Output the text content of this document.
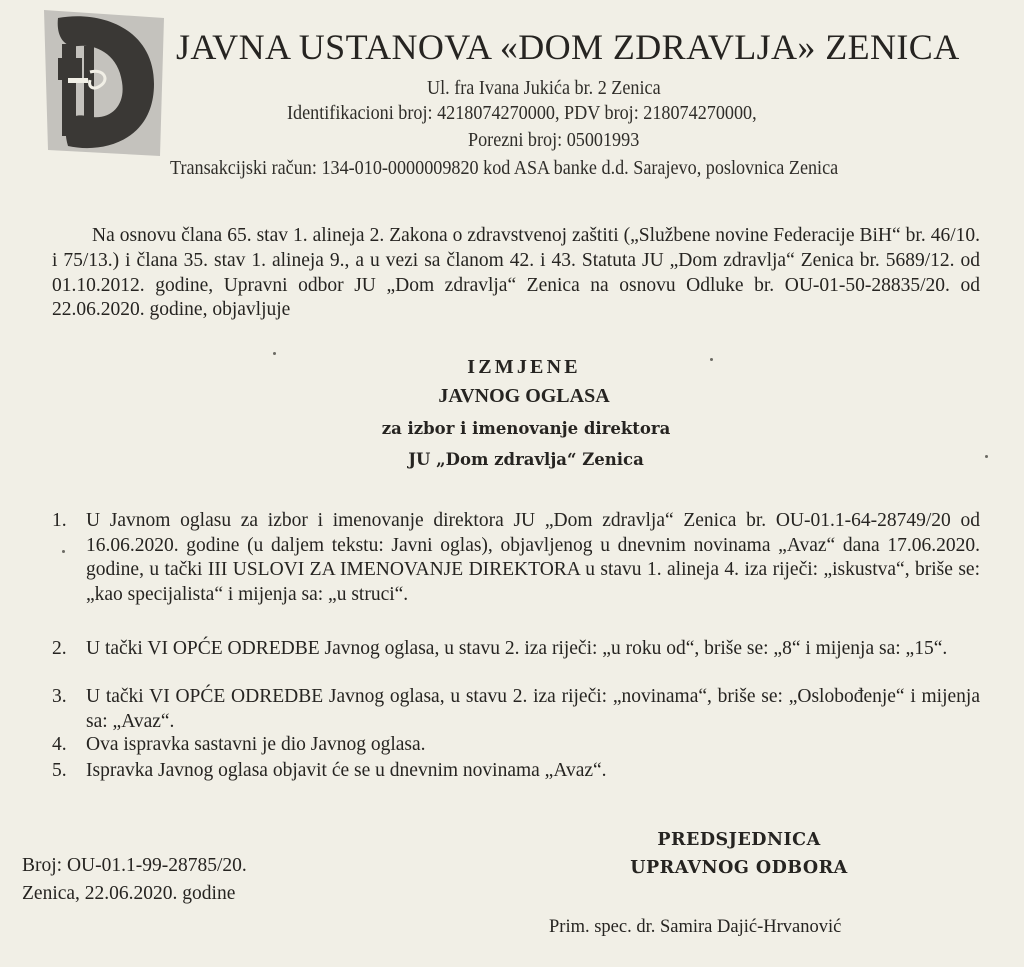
JAVNA USTANOVA «DOM ZDRAVLJA» ZENICA
Ul. fra Ivana Jukića br. 2 Zenica
Identifikacioni broj: 4218074270000, PDV broj: 218074270000,
Porezni broj: 05001993
Transakcijski račun: 134-010-0000009820 kod ASA banke d.d. Sarajevo, poslovnica Zenica

Na osnovu člana 65. stav 1. alineja 2. Zakona o zdravstvenoj zaštiti („Službene novine Federacije BiH“ br. 46/10. i 75/13.) i člana 35. stav 1. alineja 9., a u vezi sa članom 42. i 43. Statuta JU „Dom zdravlja“ Zenica br. 5689/12. od 01.10.2012. godine, Upravni odbor JU „Dom zdravlja“ Zenica na osnovu Odluke br. OU-01-50-28835/20. od 22.06.2020. godine, objavljuje

IZMJENE
JAVNOG OGLASA
za izbor i imenovanje direktora
JU „Dom zdravlja“ Zenica
1. U Javnom oglasu za izbor i imenovanje direktora JU „Dom zdravlja“ Zenica br. OU-01.1-64-28749/20 od 16.06.2020. godine (u daljem tekstu: Javni oglas), objavljenog u dnevnim novinama „Avaz“ dana 17.06.2020. godine, u tački III USLOVI ZA IMENOVANJE DIREKTORA u stavu 1. alineja 4. iza riječi: „iskustva“, briše se: „kao specijalista“ i mijenja sa: „u struci“.
2. U tački VI OPĆE ODREDBE Javnog oglasa, u stavu 2. iza riječi: „u roku od“, briše se: „8“ i mijenja sa: „15“.
3. U tački VI OPĆE ODREDBE Javnog oglasa, u stavu 2. iza riječi: „novinama“, briše se: „Oslobođenje“ i mijenja sa: „Avaz“.
4. Ova ispravka sastavni je dio Javnog oglasa.
5. Ispravka Javnog oglasa objavit će se u dnevnim novinama „Avaz“.
PREDSJEDNICA
UPRAVNOG ODBORA
Broj: OU-01.1-99-28785/20.
Zenica, 22.06.2020. godine
Prim. spec. dr. Samira Dajić-Hrvanović
